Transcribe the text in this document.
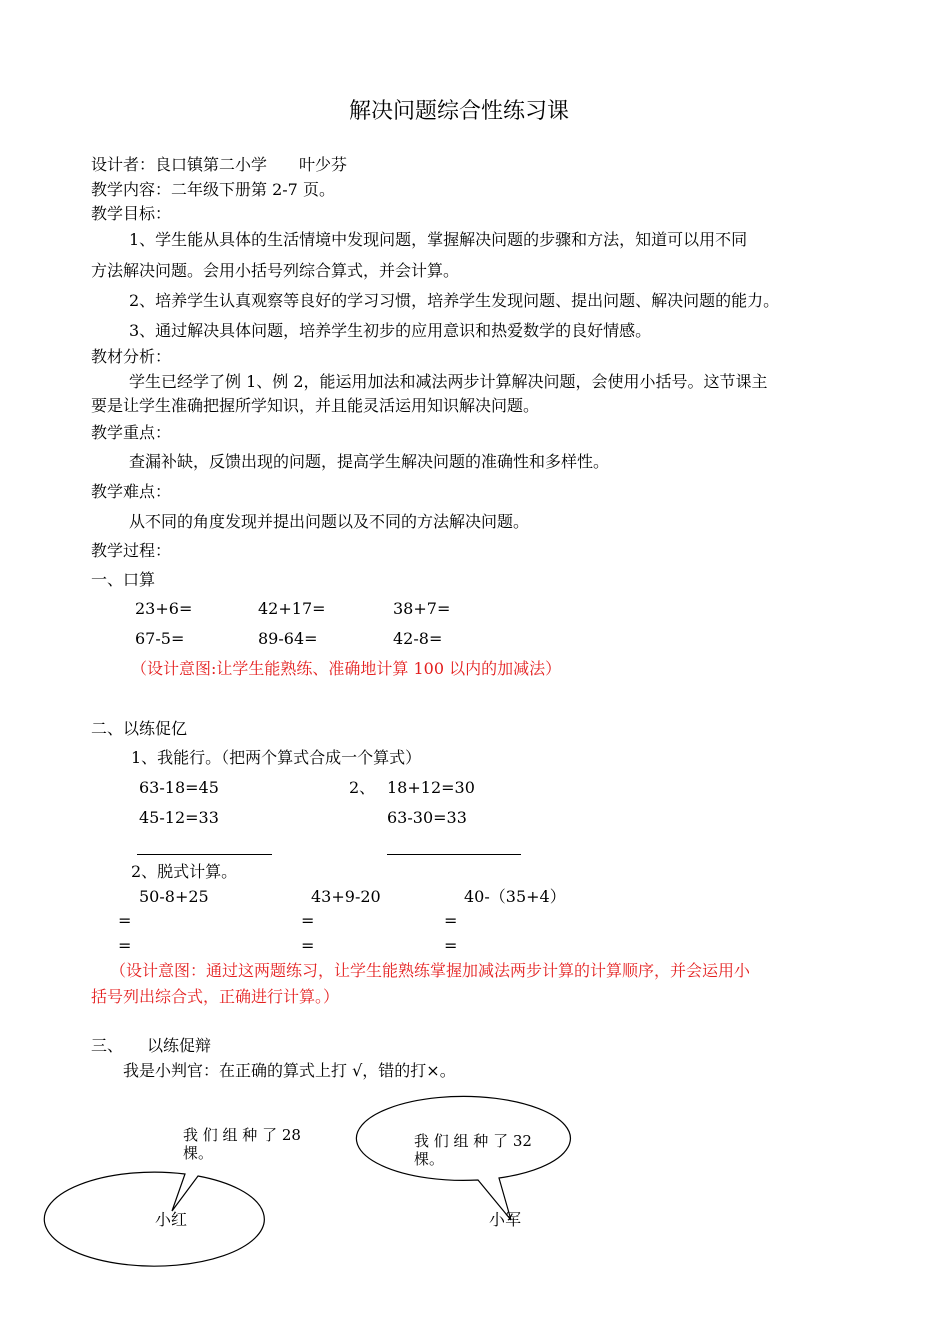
解决问题综合性练习课
设计者：良口镇第二小学　　叶少芬
教学内容：二年级下册第 2-7 页。
教学目标：
1、学生能从具体的生活情境中发现问题，掌握解决问题的步骤和方法，知道可以用不同
方法解决问题。会用小括号列综合算式，并会计算。
2、培养学生认真观察等良好的学习习惯，培养学生发现问题、提出问题、解决问题的能力。
3、通过解决具体问题，培养学生初步的应用意识和热爱数学的良好情感。
教材分析：
学生已经学了例 1、例 2，能运用加法和减法两步计算解决问题，会使用小括号。这节课主
要是让学生准确把握所学知识，并且能灵活运用知识解决问题。
教学重点：
查漏补缺，反馈出现的问题，提高学生解决问题的准确性和多样性。
教学难点：
从不同的角度发现并提出问题以及不同的方法解决问题。
教学过程：
一、口算
23+6=	42+17=	38+7=
67-5=	89-64=	42-8=
（设计意图:让学生能熟练、准确地计算 100 以内的加减法）
二、以练促亿
1、我能行。（把两个算式合成一个算式）
63-18=45
45-12=33
2、 18+12=30
63-30=33
2、脱式计算。
50-8+25	43+9-20	40-（35+4）
=	=	=
=	=	=
（设计意图：通过这两题练习，让学生能熟练掌握加减法两步计算的计算顺序，并会运用小
括号列出综合式，正确进行计算。）
三、　　以练促辩
我是小判官：在正确的算式上打 √，错的打×。
我 们 组 种 了 28
棵。
我 们 组 种 了 32
棵。
小红	小军
